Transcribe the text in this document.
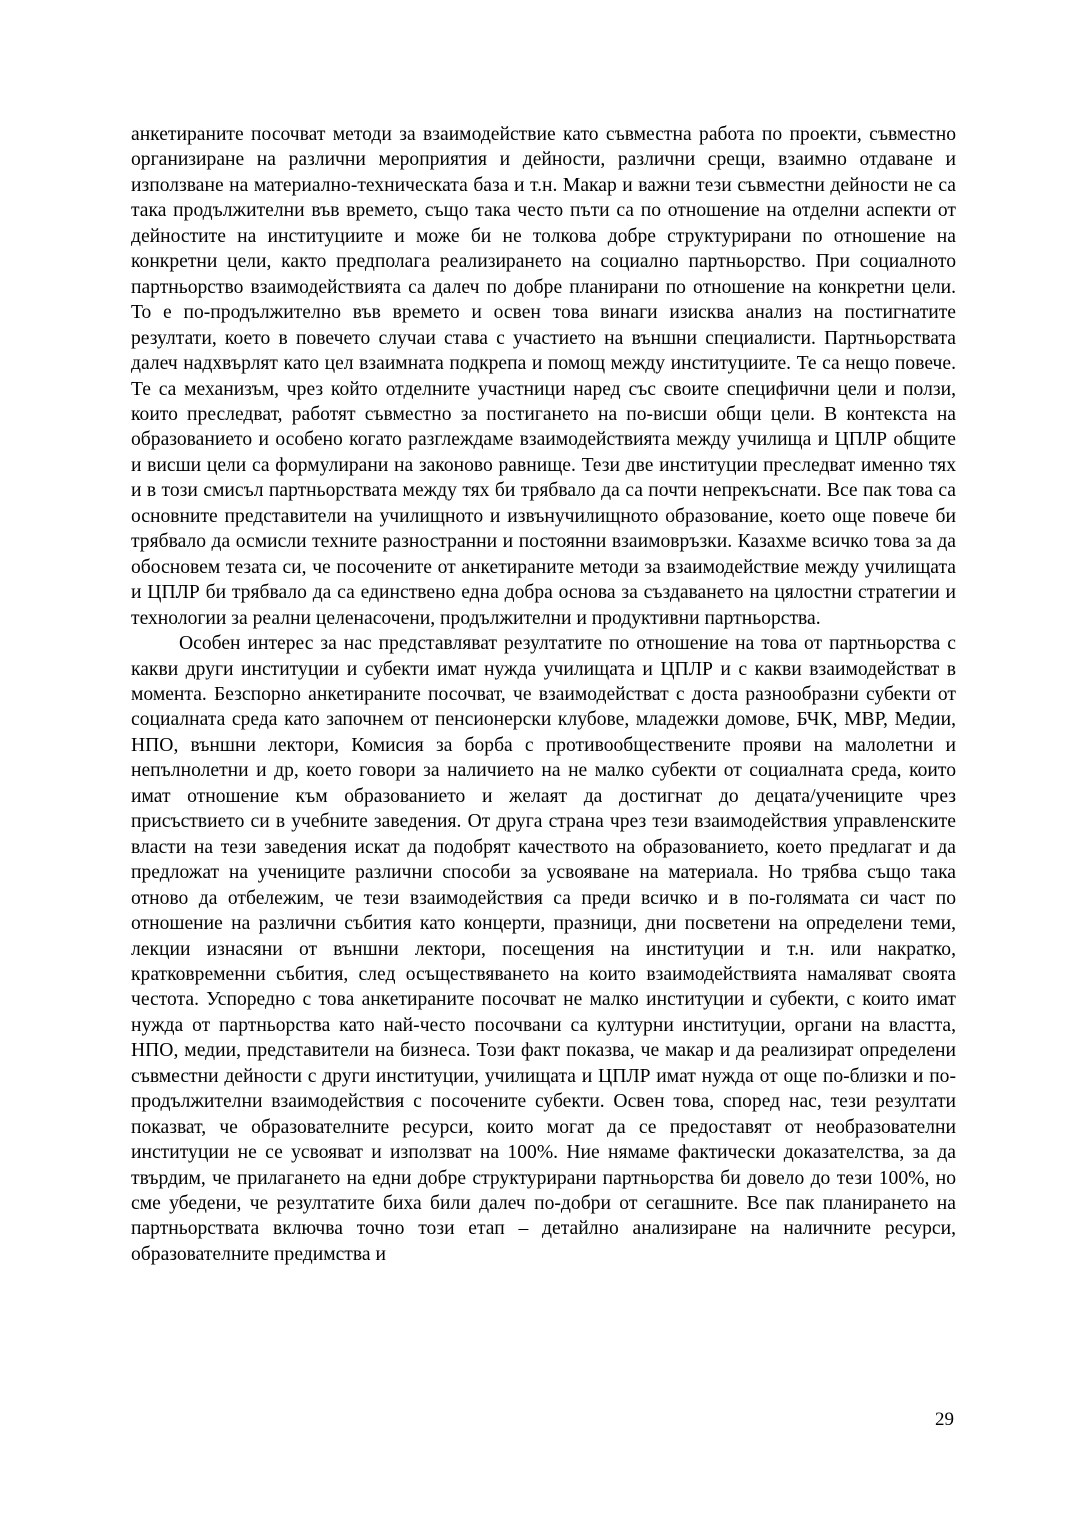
анкетираните посочват методи за взаимодействие като съвместна работа по проекти, съвместно организиране на различни мероприятия и дейности, различни срещи, взаимно отдаване и използване на материално-техническата база и т.н. Макар и важни тези съвместни дейности не са така продължителни във времето, също така често пъти са по отношение на отделни аспекти от дейностите на институциите и може би не толкова добре структурирани по отношение на конкретни цели, както предполага реализирането на социално партньорство. При социалното партньорство взаимодействията са далеч по добре планирани по отношение на конкретни цели. То е по-продължително във времето и освен това винаги изисква анализ на постигнатите резултати, което в повечето случаи става с участието на външни специалисти. Партньорствата далеч надхвърлят като цел взаимната подкрепа и помощ между институциите. Те са нещо повече. Те са механизъм, чрез който отделните участници наред със своите специфични цели и ползи, които преследват, работят съвместно за постигането на по-висши общи цели. В контекста на образованието и особено когато разглеждаме взаимодействията между училища и ЦПЛР общите и висши цели са формулирани на законово равнище. Тези две институции преследват именно тях и в този смисъл партньорствата между тях би трябвало да са почти непрекъснати. Все пак това са основните представители на училищното и извънучилищното образование, което още повече би трябвало да осмисли техните разностранни и постоянни взаимовръзки. Казахме всичко това за да обосновем тезата си, че посочените от анкетираните методи за взаимодействие между училищата и ЦПЛР би трябвало да са единствено една добра основа за създаването на цялостни стратегии и технологии за реални целенасочени, продължителни и продуктивни партньорства.

Особен интерес за нас представляват резултатите по отношение на това от партньорства с какви други институции и субекти имат нужда училищата и ЦПЛР и с какви взаимодействат в момента. Безспорно анкетираните посочват, че взаимодействат с доста разнообразни субекти от социалната среда като започнем от пенсионерски клубове, младежки домове, БЧК, МВР, Медии, НПО, външни лектори, Комисия за борба с противообществените прояви на малолетни и непълнолетни и др, което говори за наличието на не малко субекти от социалната среда, които имат отношение към образованието и желаят да достигнат до децата/учениците чрез присъствието си в учебните заведения. От друга страна чрез тези взаимодействия управленските власти на тези заведения искат да подобрят качеството на образованието, което предлагат и да предложат на учениците различни способи за усвояване на материала. Но трябва също така отново да отбележим, че тези взаимодействия са преди всичко и в по-голямата си част по отношение на различни събития като концерти, празници, дни посветени на определени теми, лекции изнасяни от външни лектори, посещения на институции и т.н. или накратко, кратковременни събития, след осъществяването на които взаимодействията намаляват своята честота. Успоредно с това анкетираните посочват не малко институции и субекти, с които имат нужда от партньорства като най-често посочвани са културни институции, органи на властта, НПО, медии, представители на бизнеса. Този факт показва, че макар и да реализират определени съвместни дейности с други институции, училищата и ЦПЛР имат нужда от още по-близки и по-продължителни взаимодействия с посочените субекти. Освен това, според нас, тези резултати показват, че образователните ресурси, които могат да се предоставят от необразователни институции не се усвояват и използват на 100%. Ние нямаме фактически доказателства, за да твърдим, че прилагането на едни добре структурирани партньорства би довело до тези 100%, но сме убедени, че резултатите биха били далеч по-добри от сегашните. Все пак планирането на партньорствата включва точно този етап – детайлно анализиране на наличните ресурси, образователните предимства и

29
